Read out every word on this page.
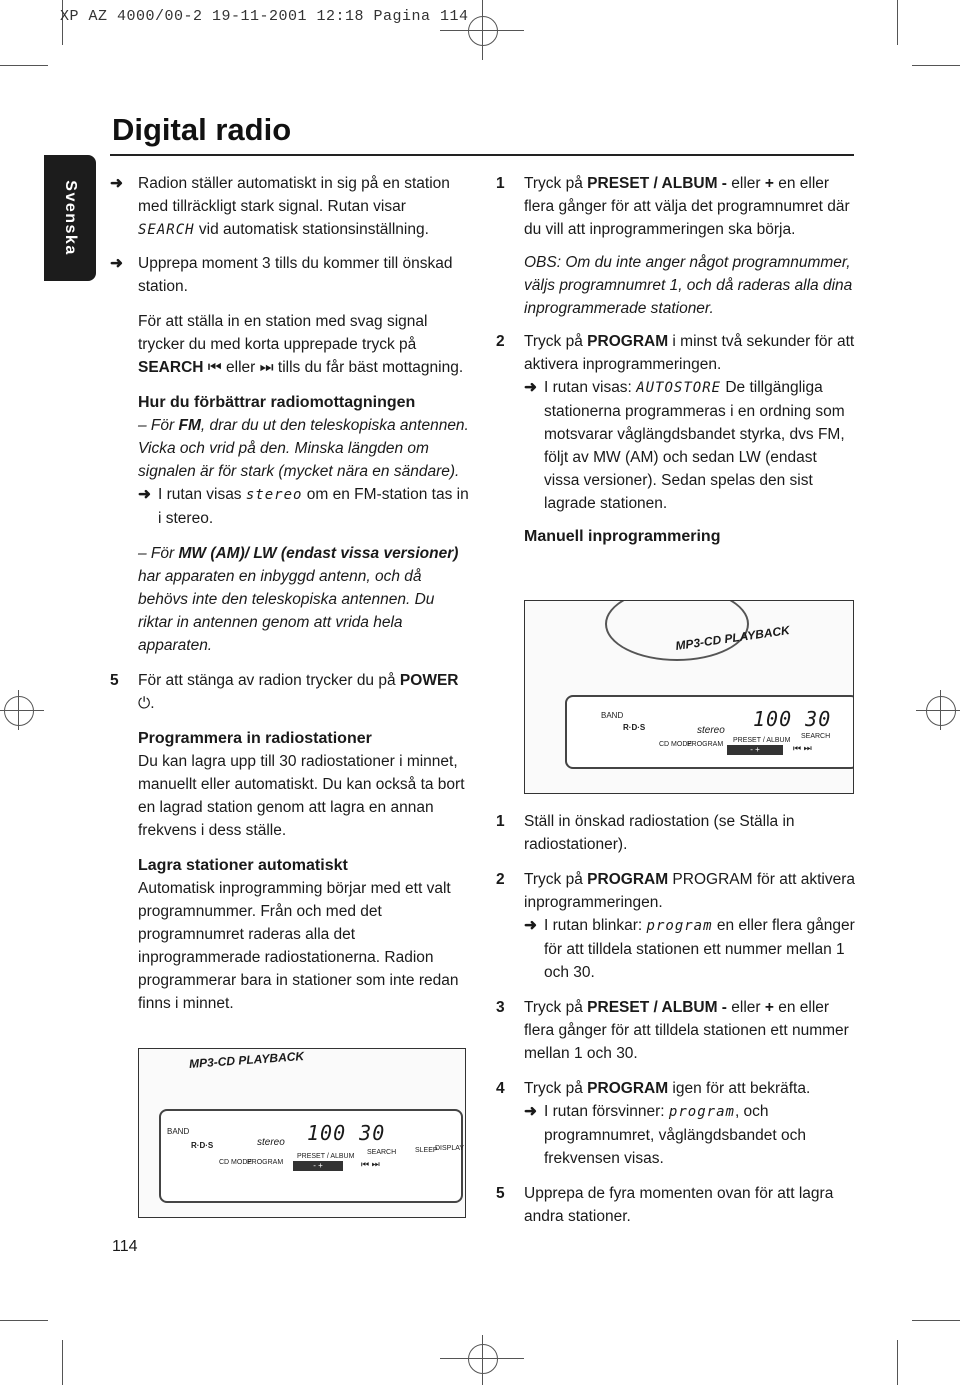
XP AZ 4000/00-2 19-11-2001 12:18 Pagina 114
Digital radio
Svenska ➜ Radion ställer automatiskt in sig på en station med tillräckligt stark signal. Rutan visar
SEARCH vid automatisk stationsinställning.

➜ Upprepa moment 3 tills du kommer till önskad station.

För att ställa in en station med svag signal trycker du med korta upprepade tryck på SEARCH ⏮ eller ⏭ tills du får bäst mottagning.

Hur du förbättrar radiomottagningen

– För FM, drar du ut den teleskopiska antennen. Vicka och vrid på den. Minska längden om signalen är för stark (mycket nära en sändare).

➜ I rutan visas stereo om en FM-station tas in i stereo.

– För MW (AM)/ LW (endast vissa versioner) har apparaten en inbyggd antenn, och då behövs inte den teleskopiska antennen. Du riktar in antennen genom att vrida hela apparaten.

5 För att stänga av radion trycker du på POWER ⏻.

Programmera in radiostationer

Du kan lagra upp till 30 radiostationer i minnet, manuellt eller automatiskt. Du kan också ta bort en lagrad station genom att lagra en annan frekvens i dess ställe.

Lagra stationer automatiskt

Automatisk inprogramming börjar med ett valt programnummer. Från och med det programnumret raderas alla det inprogrammerade radiostationerna. Radion programmerar bara in stationer som inte redan finns i minnet.

MP3-CD PLAYBACK
BAND
R·D·S	stereo 100 30
CD MODE
PROGRAM
PRESET / ALBUM
SEARCH	SLEEP
DISPLAY
- +	⏮ ⏭
114

1 Tryck på PRESET / ALBUM - eller + en eller flera gånger för att välja det programnumret där du vill att inprogrammeringen ska börja.

OBS: Om du inte anger något programnummer, väljs programnumret 1, och då raderas alla dina inprogrammerade stationer.

2 Tryck på PROGRAM i minst två sekunder för att aktivera inprogrammeringen.

➜ I rutan visas: AUTOSTORE De tillgängliga stationerna programmeras i en ordning som motsvarar våglängdsbandet styrka, dvs FM, följt av MW (AM) och sedan LW (endast vissa versioner). Sedan spelas den sist lagrade stationen.

Manuell inprogrammering

MP3-CD PLAYBACK
BAND
R·D·S	stereo 100 30
CD MODE
PROGRAM
PRESET / ALBUM
SEARCH
- +	⏮ ⏭

1 Ställ in önskad radiostation (se Ställa in radiostationer).

2 Tryck på PROGRAM PROGRAM för att aktivera inprogrammeringen.

➜ I rutan blinkar: program en eller flera gånger för att tilldela stationen ett nummer mellan 1 och 30.

3 Tryck på PRESET / ALBUM - eller + en eller flera gånger för att tilldela stationen ett nummer mellan 1 och 30.

4 Tryck på PROGRAM igen för att bekräfta.

➜ I rutan försvinner: program, och programnumret, våglängdsbandet och frekvensen visas.

5 Upprepa de fyra momenten ovan för att lagra andra stationer.
